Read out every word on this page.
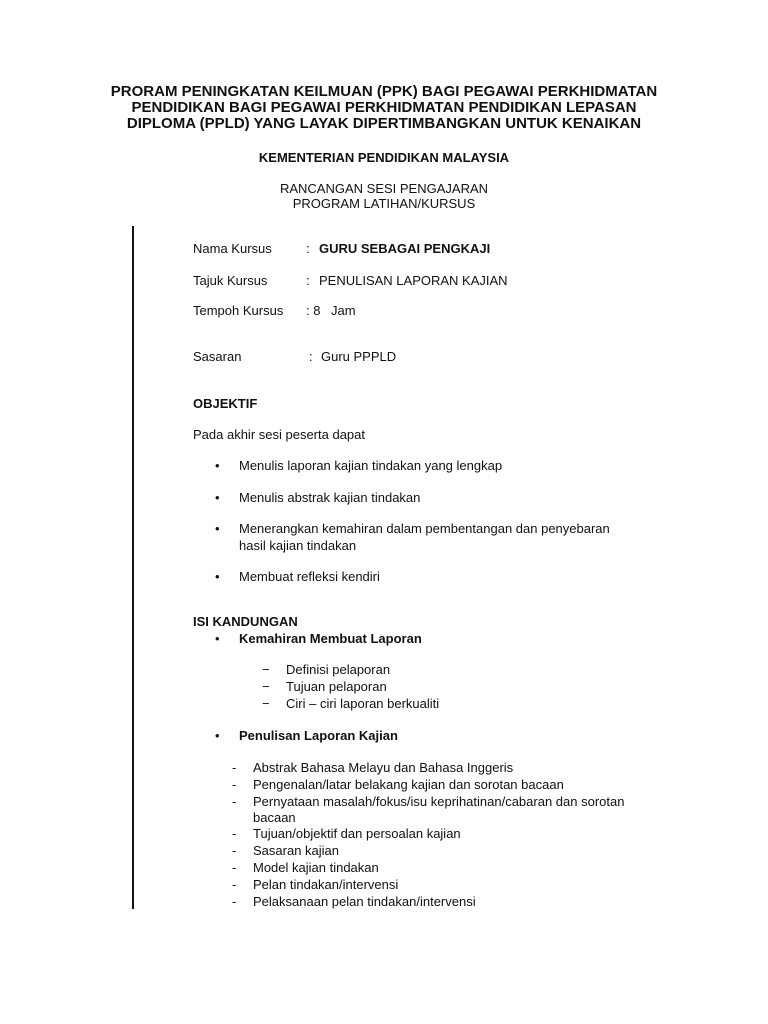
PRORAM PENINGKATAN KEILMUAN (PPK) BAGI PEGAWAI PERKHIDMATAN
PENDIDIKAN BAGI PEGAWAI PERKHIDMATAN PENDIDIKAN LEPASAN
DIPLOMA (PPLD) YANG LAYAK DIPERTIMBANGKAN UNTUK KENAIKAN
KEMENTERIAN PENDIDIKAN MALAYSIA
RANCANGAN SESI PENGAJARAN
PROGRAM LATIHAN/KURSUS
Nama Kursus	: GURU SEBAGAI PENGKAJI
Tajuk Kursus	: PENULISAN LAPORAN KAJIAN
Tempoh Kursus : 8 Jam
Sasaran	: Guru PPPLD
OBJEKTIF
Pada akhir sesi peserta dapat
• Menulis laporan kajian tindakan yang lengkap
• Menulis abstrak kajian tindakan
• Menerangkan kemahiran dalam pembentangan dan penyebaran
hasil kajian tindakan
• Membuat refleksi kendiri
ISI KANDUNGAN
• Kemahiran Membuat Laporan
− Definisi pelaporan
− Tujuan pelaporan
− Ciri – ciri laporan berkualiti
• Penulisan Laporan Kajian
- Abstrak Bahasa Melayu dan Bahasa Inggeris
- Pengenalan/latar belakang kajian dan sorotan bacaan
- Pernyataan masalah/fokus/isu keprihatinan/cabaran dan sorotan
bacaan
- Tujuan/objektif dan persoalan kajian
- Sasaran kajian
- Model kajian tindakan
- Pelan tindakan/intervensi
- Pelaksanaan pelan tindakan/intervensi
